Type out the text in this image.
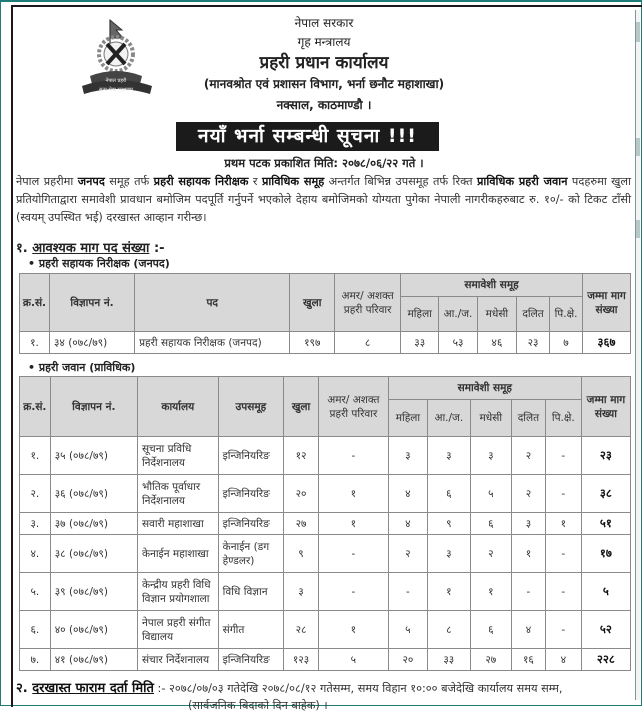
नेपाल प्रहरी
सत्य सेवा सुरक्षणम्
नेपाल सरकार
गृह मन्त्रालय
प्रहरी प्रधान कार्यालय
(मानवश्रोत एवं प्रशासन विभाग, भर्ना छनौट महाशाखा)
नक्साल, काठमाण्डौ ।
नयाँ भर्ना सम्बन्धी सूचना !!!
प्रथम पटक प्रकाशित मिति: २०७८/०६/२२ गते ।
नेपाल प्रहरीमा जनपद समूह तर्फ प्रहरी सहायक निरीक्षक र प्राविधिक समूह अन्तर्गत बिभिन्न उपसमूह तर्फ रिक्त प्राविधिक प्रहरी जवान पदहरुमा खुला प्रतियोगिताद्वारा समावेशी प्रावधान बमोजिम पदपूर्ति गर्नुपर्ने भएकोले देहाय बमोजिमको योग्यता पुगेका नेपाली नागरीकहरुबाट रु. १०/- को टिकट टाँसी (स्वयम् उपस्थित भई) दरखास्त आव्हान गरीन्छ।
१. आवश्यक माग पद संख्या :-
• प्रहरी सहायक निरीक्षक (जनपद)
क्र.सं.	विज्ञापन नं.	पद	खुला	अमर/ अशक्त प्रहरी परिवार	समावेशी समूह					जम्मा माग संख्या
					महिला	आ./ज.	मधेसी	दलित	पि.क्षे.	
१.	३४ (०७८/७९)	प्रहरी सहायक निरीक्षक (जनपद)	१९७	८	३३	५३	४६	२३	७	३६७
• प्रहरी जवान (प्राविधिक)
क्र.सं.	विज्ञापन नं.	कार्यालय	उपसमूह	खुला	अमर/ अशक्त प्रहरी परिवार	समावेशी समूह					जम्मा माग संख्या
						महिला	आ./ज.	मधेसी	दलित	पि.क्षे.	
१.	३५ (०७८/७९)	सूचना प्रविधि निर्देशनालय	इन्जिनियरिङ	१२	-	३	३	३	२	-	२३
२.	३६ (०७८/७९)	भौतिक पूर्वाधार निर्देशनालय	इन्जिनियरिङ	२०	१	४	६	५	२	-	३८
३.	३७ (०७८/७९)	सवारी महाशाखा	इन्जिनियरिङ	२७	१	४	९	६	३	१	५१
४.	३८ (०७८/७९)	केनाईन महाशाखा	केनाईन (डग हेण्डलर)	९	-	२	३	२	१	-	१७
५.	३९ (०७८/७९)	केन्द्रीय प्रहरी विधि विज्ञान प्रयोगशाला	विधि विज्ञान	३	-	-	१	१	-	-	५
६.	४० (०७८/७९)	नेपाल प्रहरी संगीत विद्यालय	संगीत	२८	१	५	८	६	४	-	५२
७.	४१ (०७८/७९)	संचार निर्देशनालय	इन्जिनियरिङ	१२३	५	२०	३३	२७	१६	४	२२८
२. दरखास्त फाराम दर्ता मिति :- २०७८/०७/०३ गतेदेखि २०७८/०८/१२ गतेसम्म, समय विहान १०:०० बजेदेखि कार्यालय समय सम्म,
(सार्वजनिक बिदाको दिन बाहेक) ।
